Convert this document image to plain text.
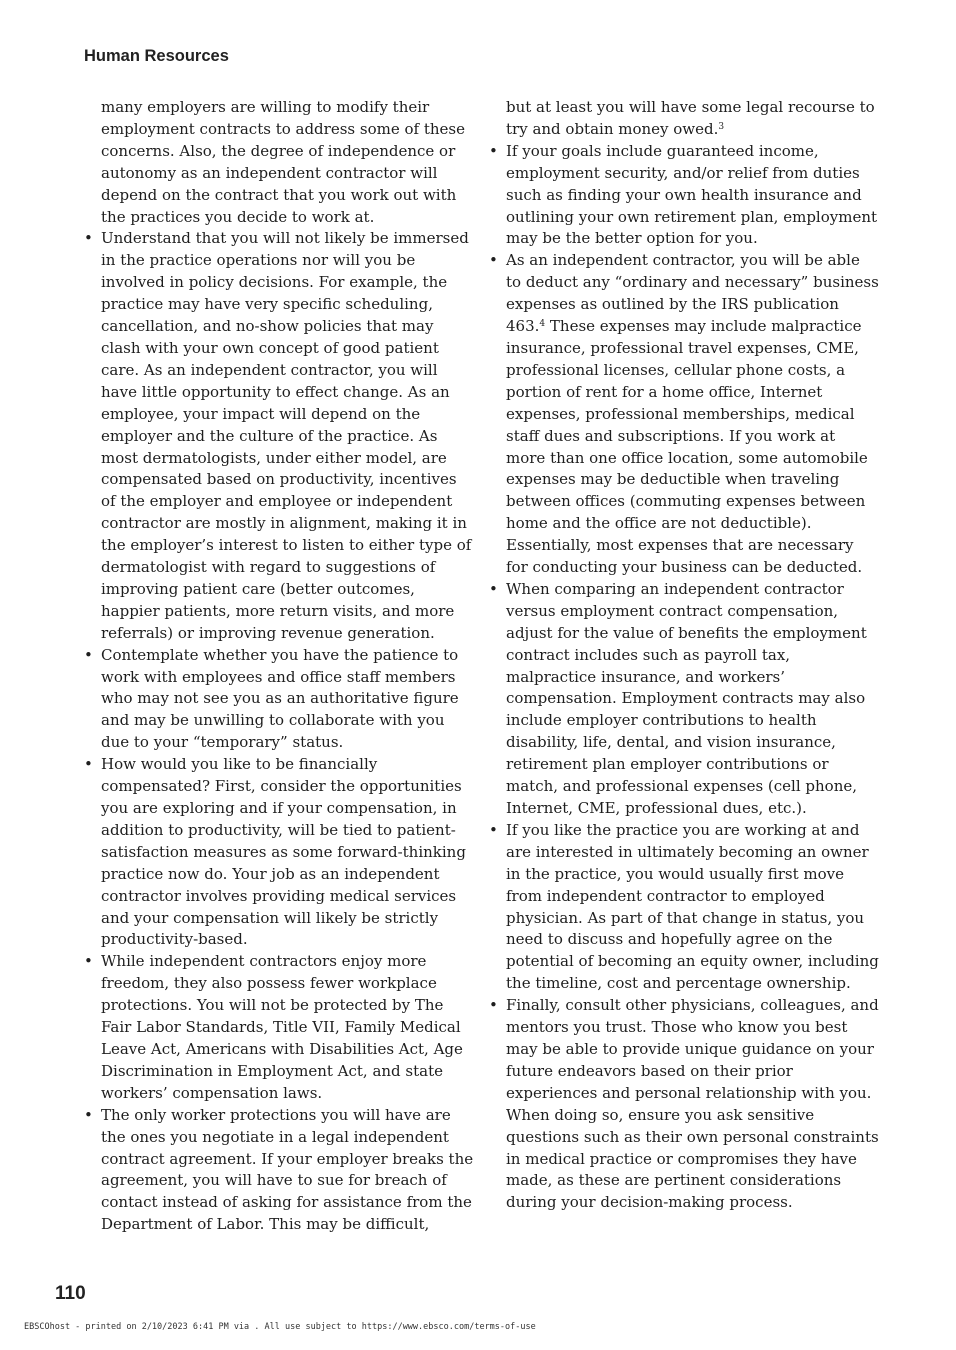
Human Resources

many employers are willing to modify their employment contracts to address some of these concerns. Also, the degree of independence or autonomy as an independent contractor will depend on the contract that you work out with the practices you decide to work at.

• Understand that you will not likely be immersed in the practice operations nor will you be involved in policy decisions. For example, the practice may have very specific scheduling, cancellation, and no-show policies that may clash with your own concept of good patient care. As an independent contractor, you will have little opportunity to effect change. As an employee, your impact will depend on the employer and the culture of the practice. As most dermatologists, under either model, are compensated based on productivity, incentives of the employer and employee or independent contractor are mostly in alignment, making it in the employer’s interest to listen to either type of dermatologist with regard to suggestions of improving patient care (better outcomes, happier patients, more return visits, and more referrals) or improving revenue generation.
• Contemplate whether you have the patience to work with employees and office staff members who may not see you as an authoritative figure and may be unwilling to collaborate with you due to your “temporary” status.
• How would you like to be financially compensated? First, consider the opportunities you are exploring and if your compensation, in addition to productivity, will be tied to patient-satisfaction measures as some forward-thinking practice now do. Your job as an independent contractor involves providing medical services and your compensation will likely be strictly productivity-based.
• While independent contractors enjoy more freedom, they also possess fewer workplace protections. You will not be protected by The Fair Labor Standards, Title VII, Family Medical Leave Act, Americans with Disabilities Act, Age Discrimination in Employment Act, and state workers’ compensation laws.
• The only worker protections you will have are the ones you negotiate in a legal independent contract agreement. If your employer breaks the agreement, you will have to sue for breach of contact instead of asking for assistance from the Department of Labor. This may be difficult,

but at least you will have some legal recourse to try and obtain money owed.$^3$

• If your goals include guaranteed income, employment security, and/or relief from duties such as finding your own health insurance and outlining your own retirement plan, employment may be the better option for you.
• As an independent contractor, you will be able to deduct any “ordinary and necessary” business expenses as outlined by the IRS publication 463.$^4$ These expenses may include malpractice insurance, professional travel expenses, CME, professional licenses, cellular phone costs, a portion of rent for a home office, Internet expenses, professional memberships, medical staff dues and subscriptions. If you work at more than one office location, some automobile expenses may be deductible when traveling between offices (commuting expenses between home and the office are not deductible). Essentially, most expenses that are necessary for conducting your business can be deducted.
• When comparing an independent contractor versus employment contract compensation, adjust for the value of benefits the employment contract includes such as payroll tax, malpractice insurance, and workers’ compensation. Employment contracts may also include employer contributions to health disability, life, dental, and vision insurance, retirement plan employer contributions or match, and professional expenses (cell phone, Internet, CME, professional dues, etc.).
• If you like the practice you are working at and are interested in ultimately becoming an owner in the practice, you would usually first move from independent contractor to employed physician. As part of that change in status, you need to discuss and hopefully agree on the potential of becoming an equity owner, including the timeline, cost and percentage ownership.
• Finally, consult other physicians, colleagues, and mentors you trust. Those who know you best may be able to provide unique guidance on your future endeavors based on their prior experiences and personal relationship with you. When doing so, ensure you ask sensitive questions such as their own personal constraints in medical practice or compromises they have made, as these are pertinent considerations during your decision-making process.
110
EBSCOhost - printed on 2/10/2023 6:41 PM via . All use subject to https://www.ebsco.com/terms-of-use
